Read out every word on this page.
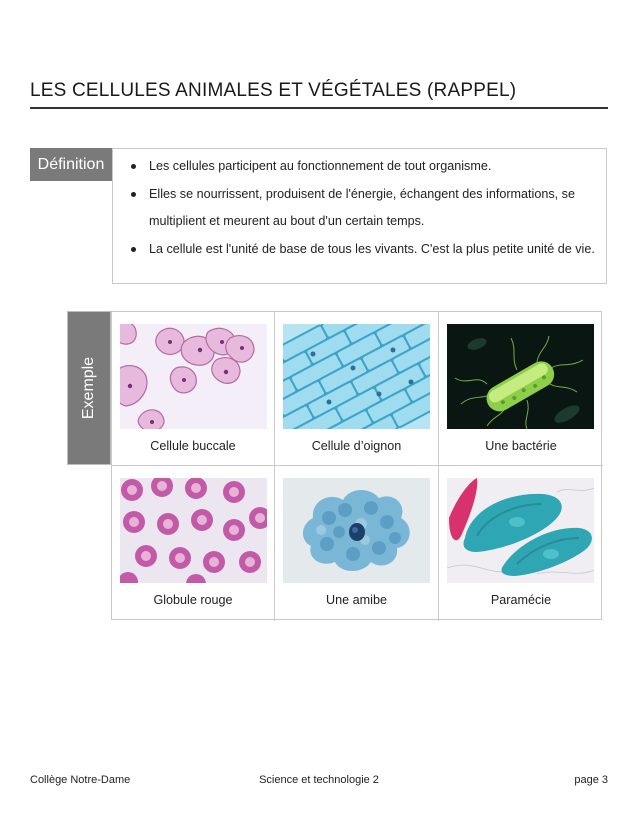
LES CELLULES ANIMALES ET VÉGÉTALES (RAPPEL)
Définition	Les cellules participent au fonctionnement de tout organisme.
Elles se nourrissent, produisent de l'énergie, échangent des informations, se multiplient et meurent au bout d'un certain temps.
La cellule est l'unité de base de tous les vivants. C'est la plus petite unité de vie.
Exemple
Cellule buccale	Cellule d’oignon	Une bactérie
Globule rouge	Une amibe	Paramécie
Collège Notre-Dame	Science et technologie 2	page 3
